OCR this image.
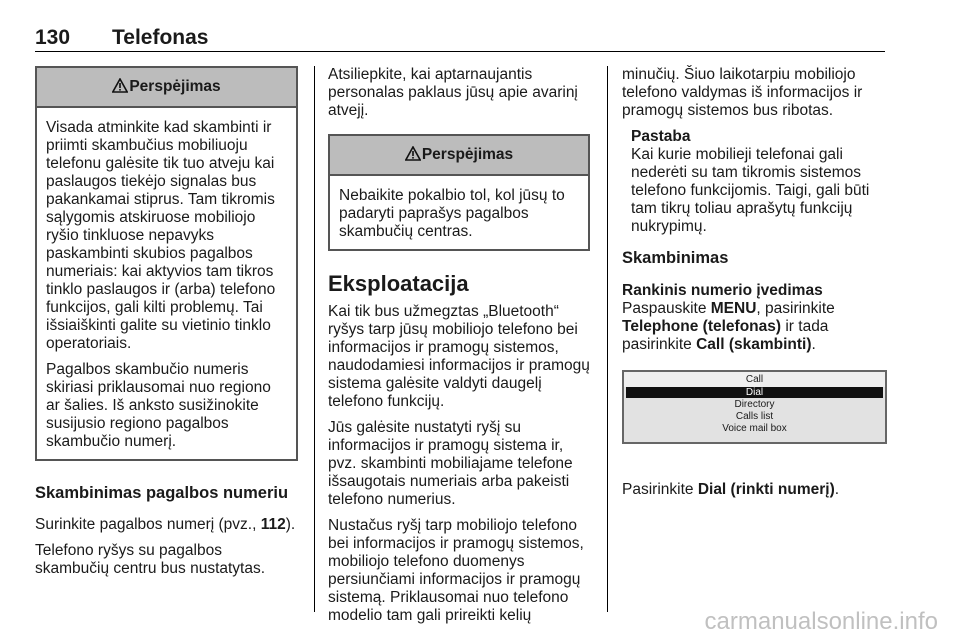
130 Telefonas
Perspėjimas

Visada atminkite kad skambinti ir priimti skambučius mobiliuoju telefonu galėsite tik tuo atveju kai paslaugos tiekėjo signalas bus pakankamai stiprus. Tam tikromis sąlygomis atskiruose mobiliojo ryšio tinkluose nepavyks paskambinti skubios pagalbos numeriais: kai aktyvios tam tikros tinklo paslaugos ir (arba) telefono funkcijos, gali kilti problemų. Tai išsiaiškinti galite su vietinio tinklo operatoriais.

Pagalbos skambučio numeris skiriasi priklausomai nuo regiono ar šalies. Iš anksto susižinokite susijusio regiono pagalbos skambučio numerį.

Skambinimas pagalbos numeriu

Surinkite pagalbos numerį (pvz., 112).

Telefono ryšys su pagalbos skambučių centru bus nustatytas.

Atsiliepkite, kai aptarnaujantis personalas paklaus jūsų apie avarinį atvejį.

Perspėjimas

Nebaikite pokalbio tol, kol jūsų to padaryti paprašys pagalbos skambučių centras.

Eksploatacija

Kai tik bus užmegztas „Bluetooth“ ryšys tarp jūsų mobiliojo telefono bei informacijos ir pramogų sistemos, naudodamiesi informacijos ir pramogų sistema galėsite valdyti daugelį telefono funkcijų.

Jūs galėsite nustatyti ryšį su informacijos ir pramogų sistema ir, pvz. skambinti mobiliajame telefone išsaugotais numeriais arba pakeisti telefono numerius.

Nustačus ryšį tarp mobiliojo telefono bei informacijos ir pramogų sistemos, mobiliojo telefono duomenys persiunčiami informacijos ir pramogų sistemą. Priklausomai nuo telefono modelio tam gali prireikti kelių

minučių. Šiuo laikotarpiu mobiliojo telefono valdymas iš informacijos ir pramogų sistemos bus ribotas.

Pastaba
Kai kurie mobilieji telefonai gali nederėti su tam tikromis sistemos telefono funkcijomis. Taigi, gali būti tam tikrų toliau aprašytų funkcijų nukrypimų.
Skambinimas
Rankinis numerio įvedimas

Paspauskite MENU, pasirinkite
Telephone (telefonas) ir tada pasirinkite Call (skambinti).

Call
Dial
Directory
Calls list
Voice mail box

Pasirinkite Dial (rinkti numerį).

carmanualsonline.info
